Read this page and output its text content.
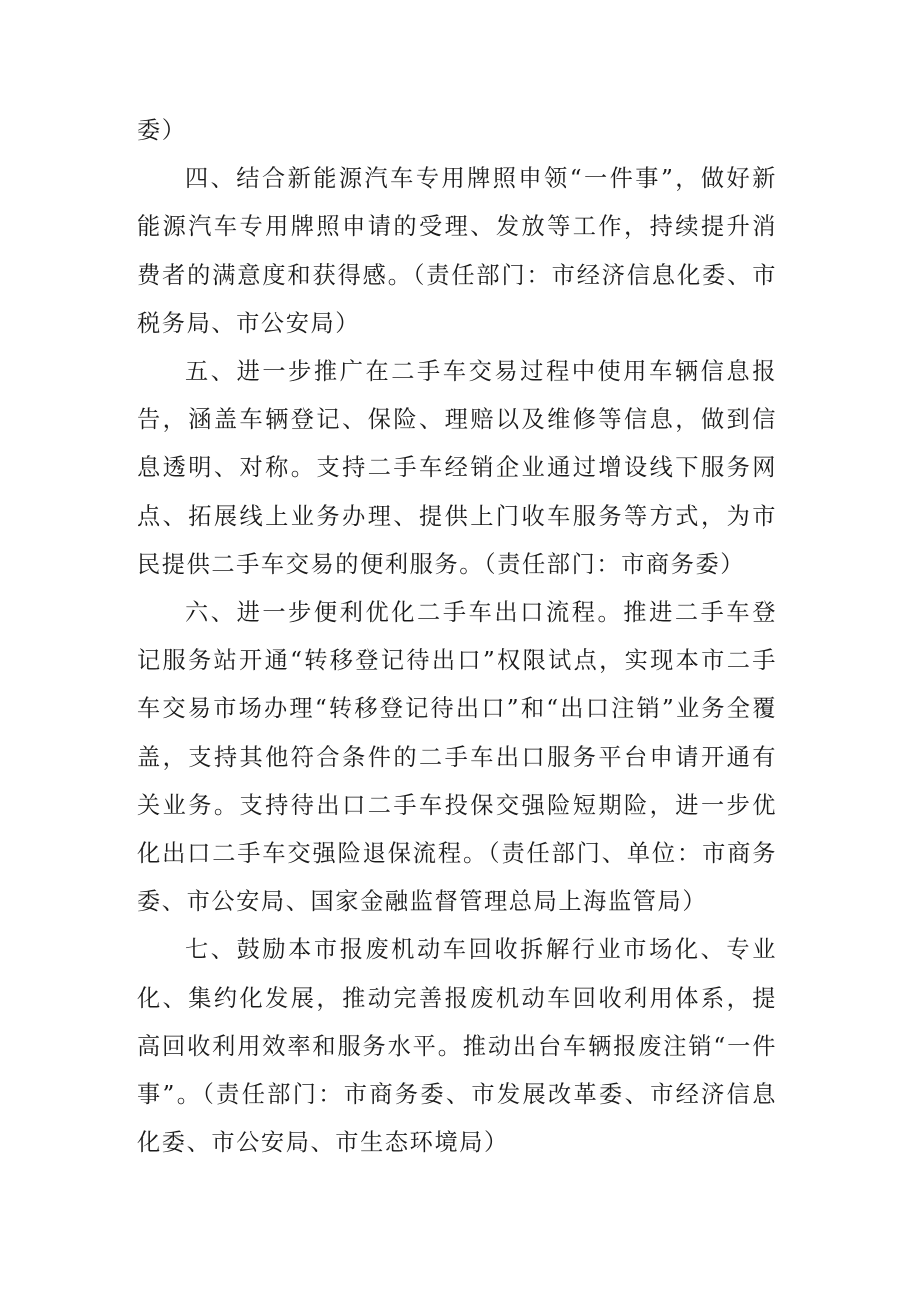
委）

四、结合新能源汽车专用牌照申领“一件事”，做好新能源汽车专用牌照申请的受理、发放等工作，持续提升消费者的满意度和获得感。（责任部门：市经济信息化委、市税务局、市公安局）

五、进一步推广在二手车交易过程中使用车辆信息报告，涵盖车辆登记、保险、理赔以及维修等信息，做到信息透明、对称。支持二手车经销企业通过增设线下服务网点、拓展线上业务办理、提供上门收车服务等方式，为市民提供二手车交易的便利服务。（责任部门：市商务委）

六、进一步便利优化二手车出口流程。推进二手车登记服务站开通“转移登记待出口”权限试点，实现本市二手车交易市场办理“转移登记待出口”和“出口注销”业务全覆盖，支持其他符合条件的二手车出口服务平台申请开通有关业务。支持待出口二手车投保交强险短期险，进一步优化出口二手车交强险退保流程。（责任部门、单位：市商务委、市公安局、国家金融监督管理总局上海监管局）

七、鼓励本市报废机动车回收拆解行业市场化、专业化、集约化发展，推动完善报废机动车回收利用体系，提高回收利用效率和服务水平。推动出台车辆报废注销“一件事”。（责任部门：市商务委、市发展改革委、市经济信息化委、市公安局、市生态环境局）
